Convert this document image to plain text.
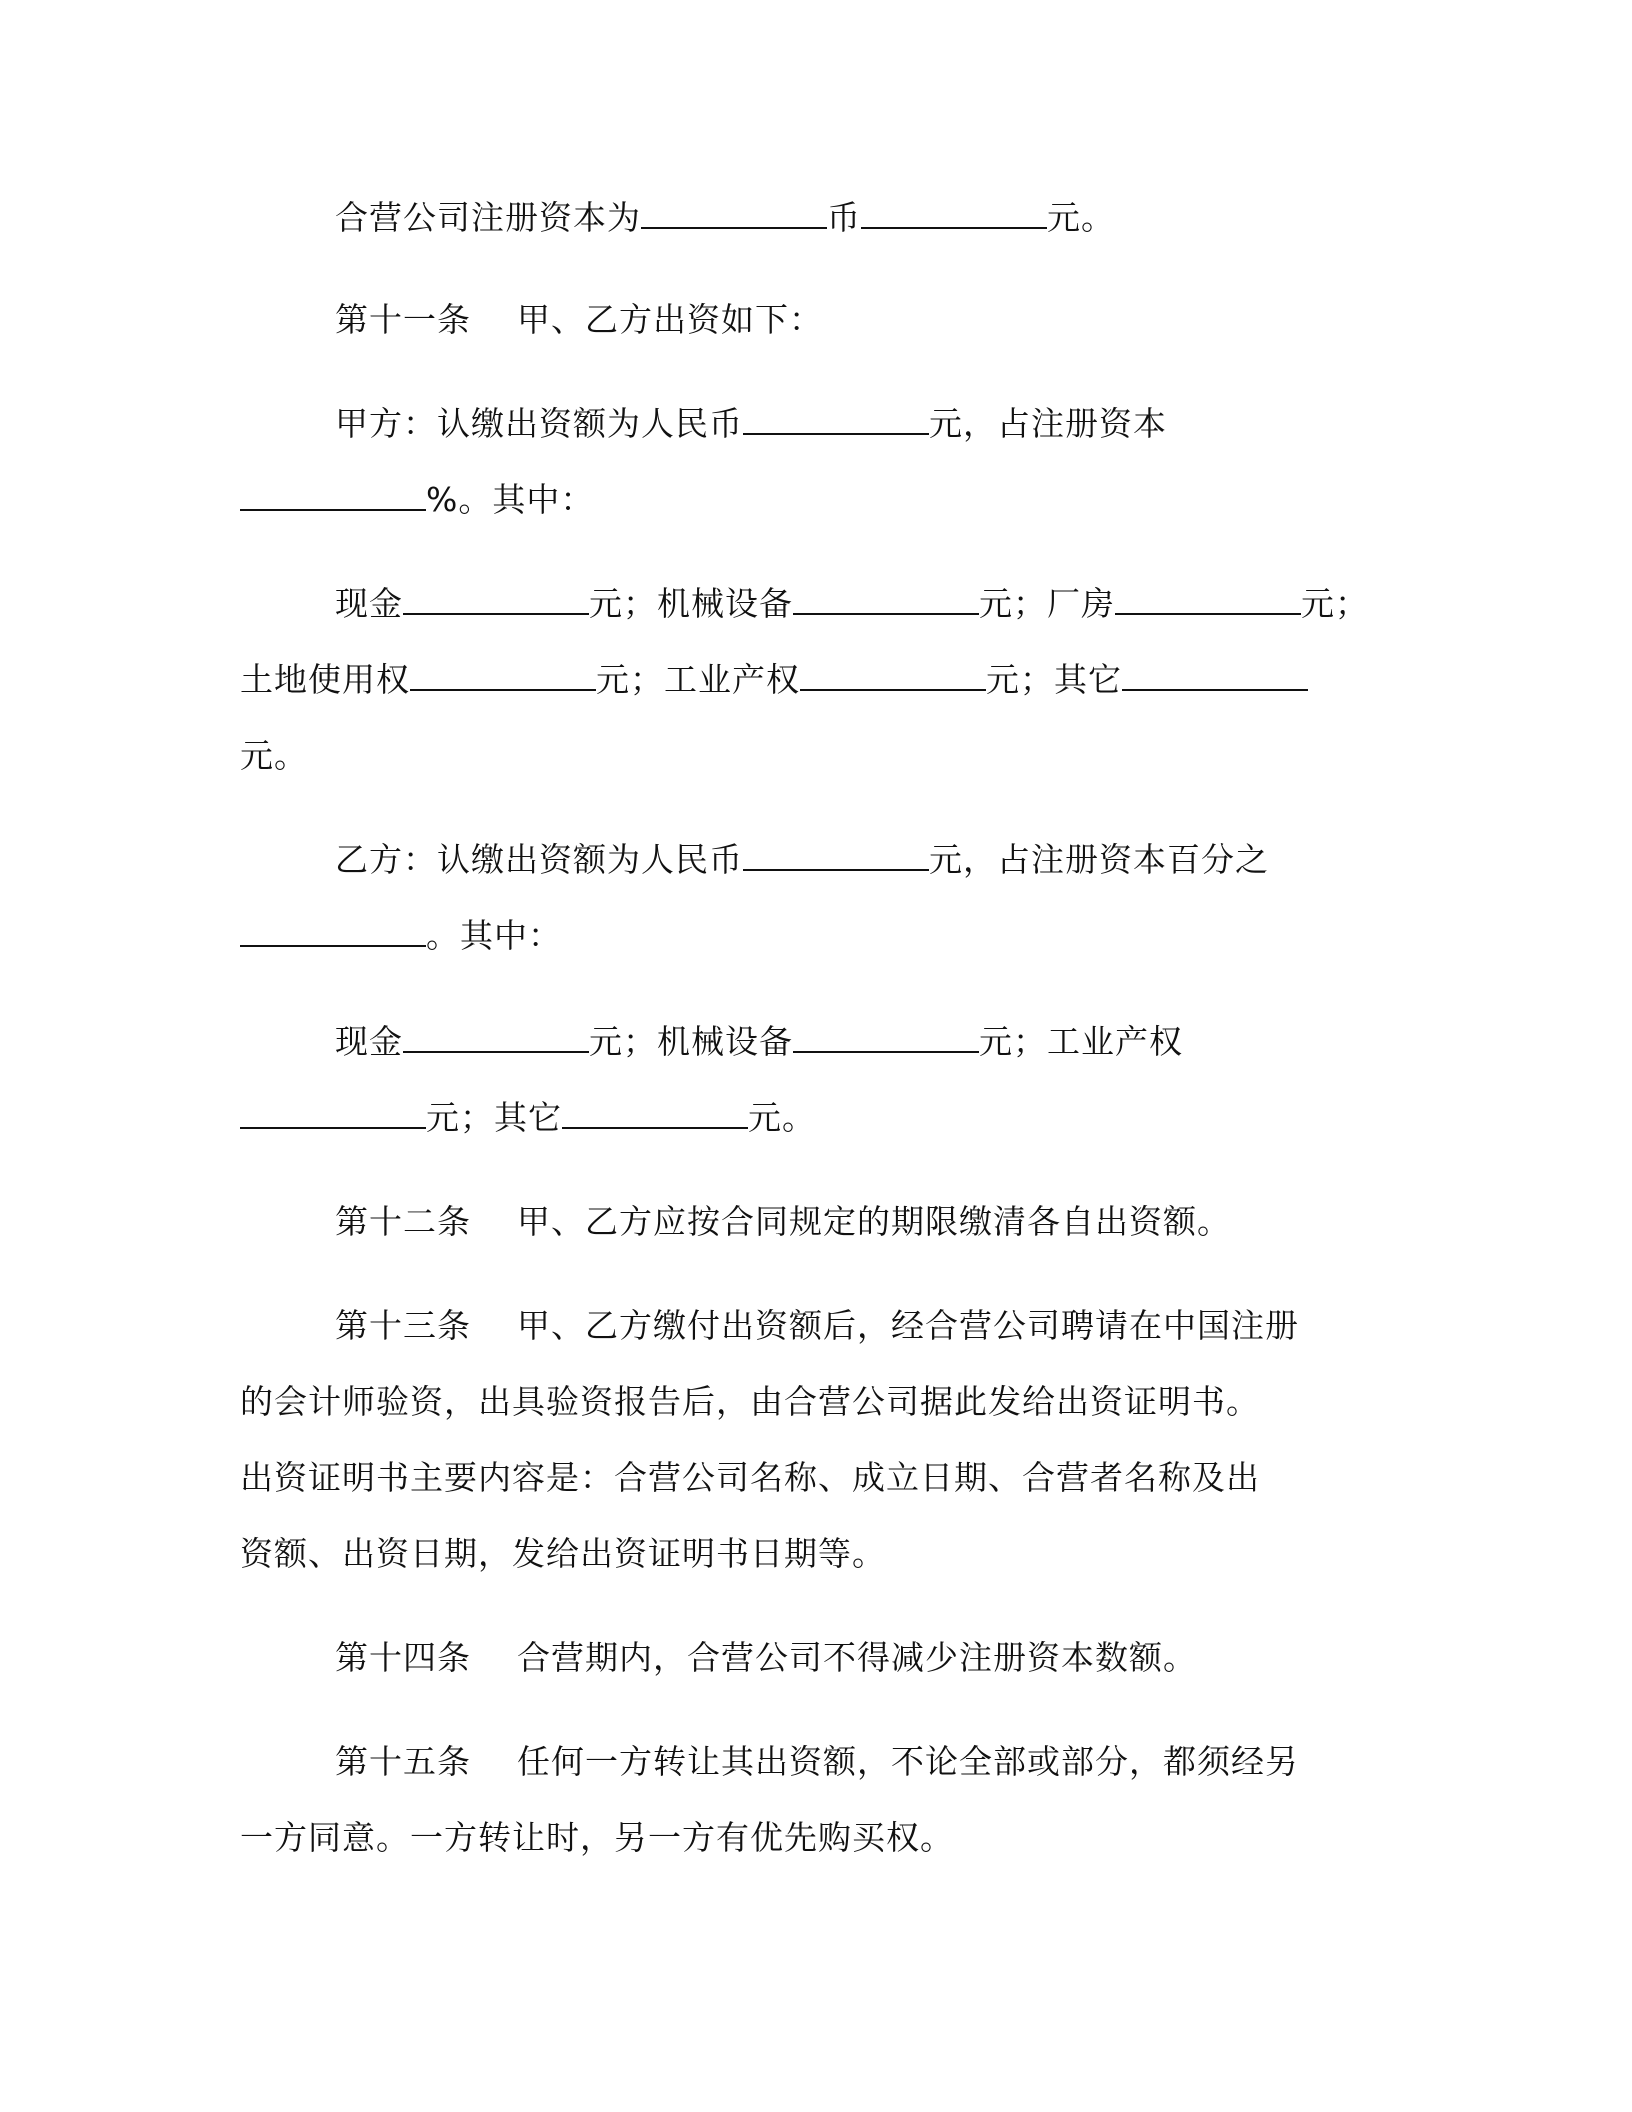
合营公司注册资本为	币	元。
第十一条 甲、乙方出资如下：
甲方：认缴出资额为人民币	元，占注册资本
%。其中：
现金	元；机械设备	元；厂房	元；
土地使用权	元；工业产权	元；其它
元。
乙方：认缴出资额为人民币	元，占注册资本百分之
。其中：
现金	元；机械设备	元；工业产权
元；其它	元。
第十二条 甲、乙方应按合同规定的期限缴清各自出资额。
第十三条 甲、乙方缴付出资额后，经合营公司聘请在中国注册
的会计师验资，出具验资报告后，由合营公司据此发给出资证明书。
出资证明书主要内容是：合营公司名称、成立日期、合营者名称及出
资额、出资日期，发给出资证明书日期等。
第十四条 合营期内，合营公司不得减少注册资本数额。
第十五条 任何一方转让其出资额，不论全部或部分，都须经另
一方同意。一方转让时，另一方有优先购买权。
